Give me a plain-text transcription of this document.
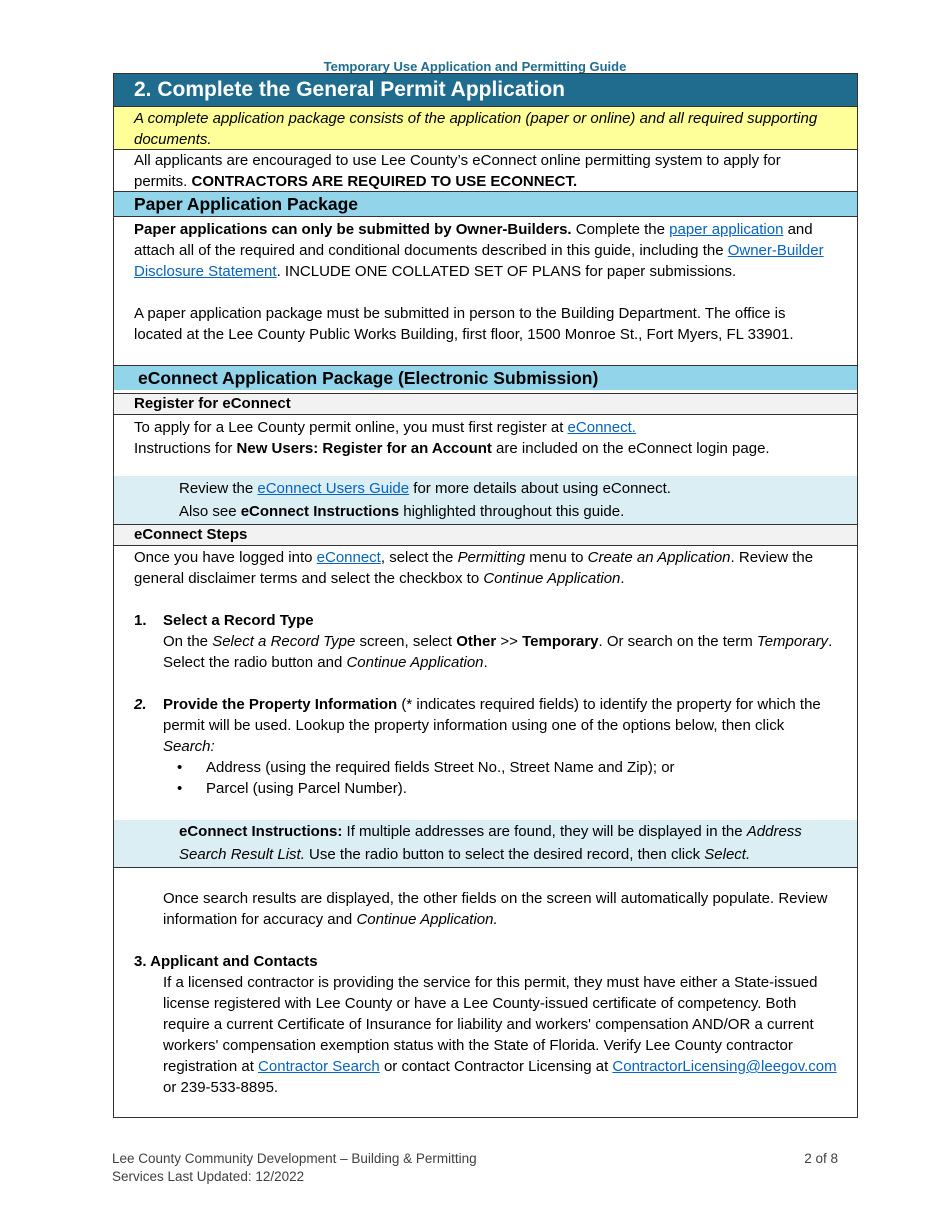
Temporary Use Application and Permitting Guide
2. Complete the General Permit Application
A complete application package consists of the application (paper or online) and all required supporting documents.
All applicants are encouraged to use Lee County’s eConnect online permitting system to apply for permits. CONTRACTORS ARE REQUIRED TO USE ECONNECT.
Paper Application Package
Paper applications can only be submitted by Owner-Builders. Complete the paper application and attach all of the required and conditional documents described in this guide, including the Owner-Builder Disclosure Statement. INCLUDE ONE COLLATED SET OF PLANS for paper submissions.
A paper application package must be submitted in person to the Building Department. The office is located at the Lee County Public Works Building, first floor, 1500 Monroe St., Fort Myers, FL 33901.
eConnect Application Package (Electronic Submission)
Register for eConnect
To apply for a Lee County permit online, you must first register at eConnect.
Instructions for New Users: Register for an Account are included on the eConnect login page.
Review the eConnect Users Guide for more details about using eConnect.
Also see eConnect Instructions highlighted throughout this guide.
eConnect Steps

Once you have logged into eConnect, select the Permitting menu to Create an Application. Review the general disclaimer terms and select the checkbox to Continue Application.

1.	Select a Record Type

On the Select a Record Type screen, select Other >> Temporary. Or search on the term Temporary. Select the radio button and Continue Application.

2.	Provide the Property Information (* indicates required fields) to identify the property for which the permit will be used. Lookup the property information using one of the options below, then click Search:
•	Address (using the required fields Street No., Street Name and Zip); or
•	Parcel (using Parcel Number).
eConnect Instructions: If multiple addresses are found, they will be displayed in the Address Search Result List. Use the radio button to select the desired record, then click Select.

Once search results are displayed, the other fields on the screen will automatically populate. Review information for accuracy and Continue Application.

3. Applicant and Contacts

If a licensed contractor is providing the service for this permit, they must have either a State-issued license registered with Lee County or have a Lee County-issued certificate of competency. Both require a current Certificate of Insurance for liability and workers' compensation AND/OR a current workers' compensation exemption status with the State of Florida. Verify Lee County contractor registration at Contractor Search or contact Contractor Licensing at ContractorLicensing@leegov.com or 239-533-8895.

Lee County Community Development – Building & Permitting
Services Last Updated: 12/2022
2 of 8
